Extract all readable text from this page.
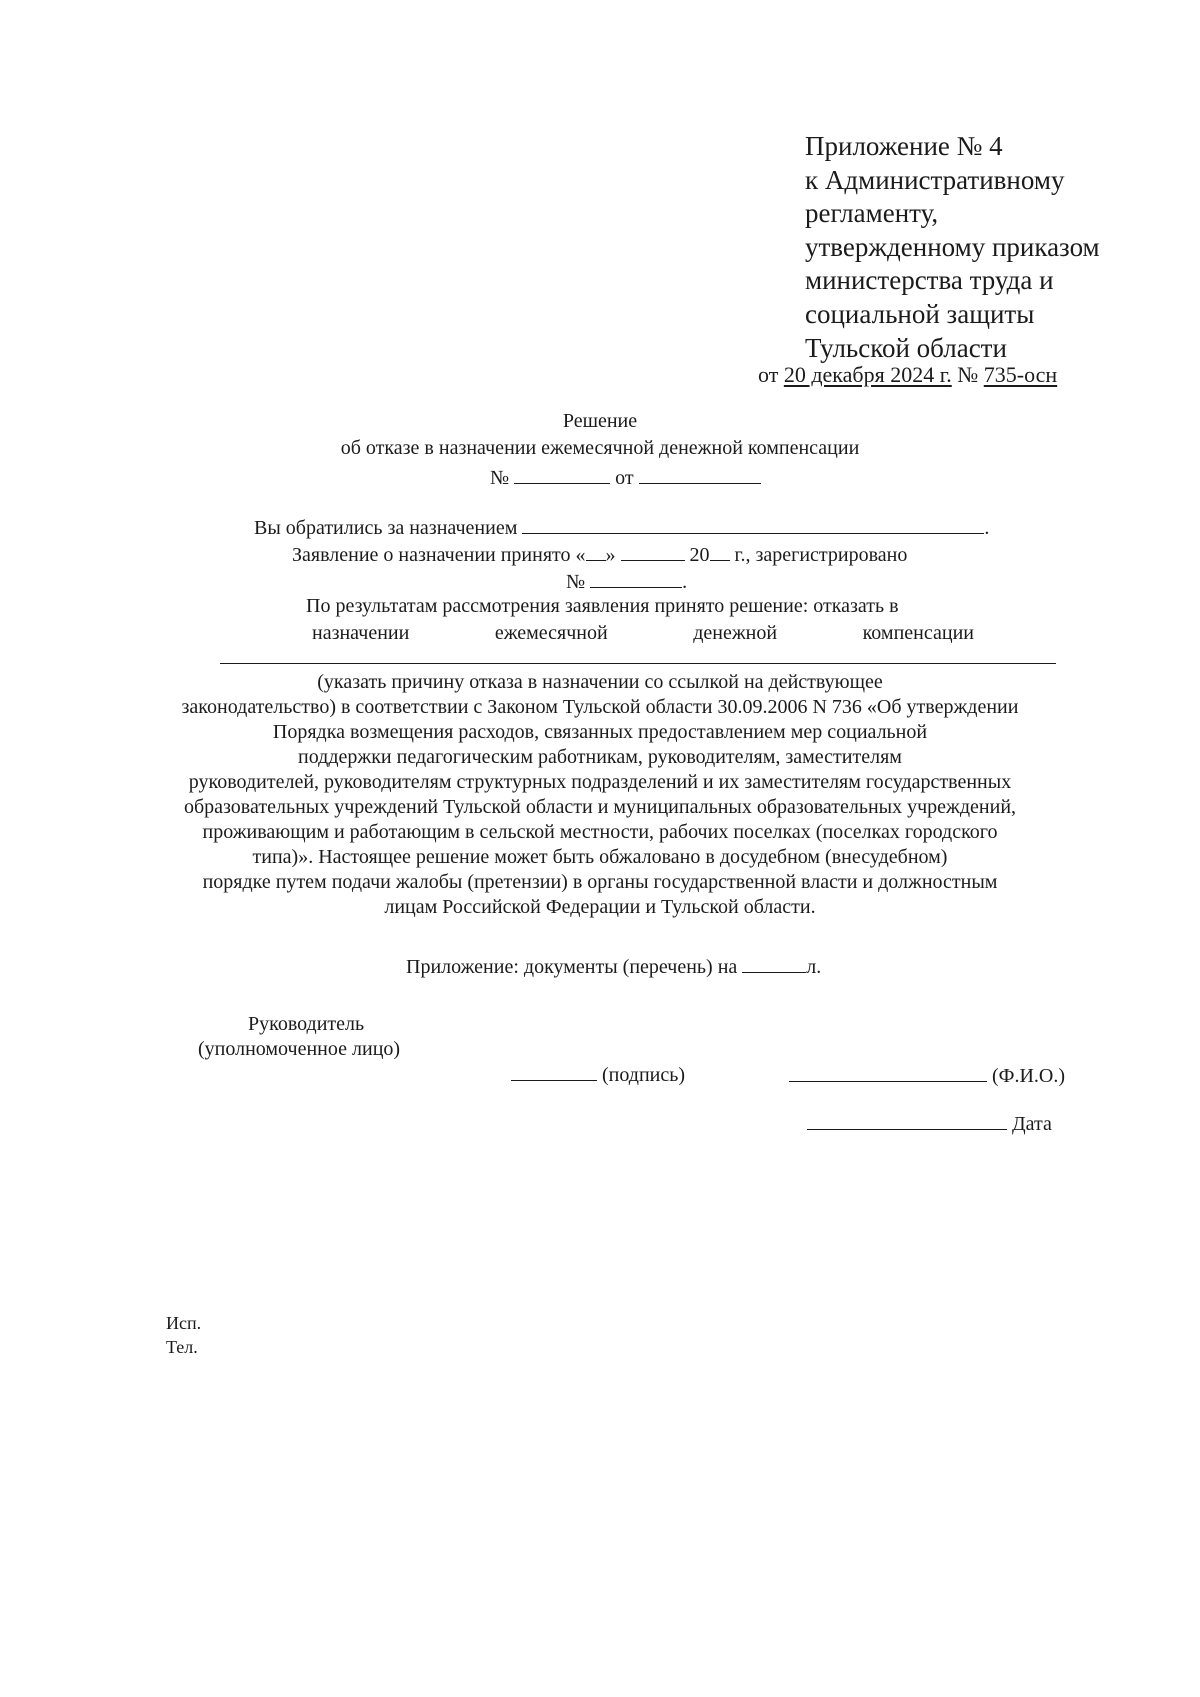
Приложение № 4
к Административному
регламенту,
утвержденному приказом
министерства труда и
социальной защиты
Тульской области
от 20 декабря 2024 г. № 735-осн
Решение
об отказе в назначении ежемесячной денежной компенсации
№	от
Вы обратились за назначением	.
Заявление о назначении принято « »	20 г., зарегистрировано
№	.
По результатам рассмотрения заявления принято решение: отказать в
назначении	ежемесячной	денежной	компенсации
(указать причину отказа в назначении со ссылкой на действующее
законодательство) в соответствии с Законом Тульской области 30.09.2006 N 736 «Об утверждении
Порядка возмещения расходов, связанных предоставлением мер социальной
поддержки педагогическим работникам, руководителям, заместителям
руководителей, руководителям структурных подразделений и их заместителям государственных
образовательных учреждений Тульской области и муниципальных образовательных учреждений,
проживающим и работающим в сельской местности, рабочих поселках (поселках городского
типа)». Настоящее решение может быть обжаловано в досудебном (внесудебном)
порядке путем подачи жалобы (претензии) в органы государственной власти и должностным
лицам Российской Федерации и Тульской области.
Приложение: документы (перечень) на	л.
Руководитель
(уполномоченное лицо)
(подпись)	(Ф.И.О.)
Дата
Исп.
Тел.
